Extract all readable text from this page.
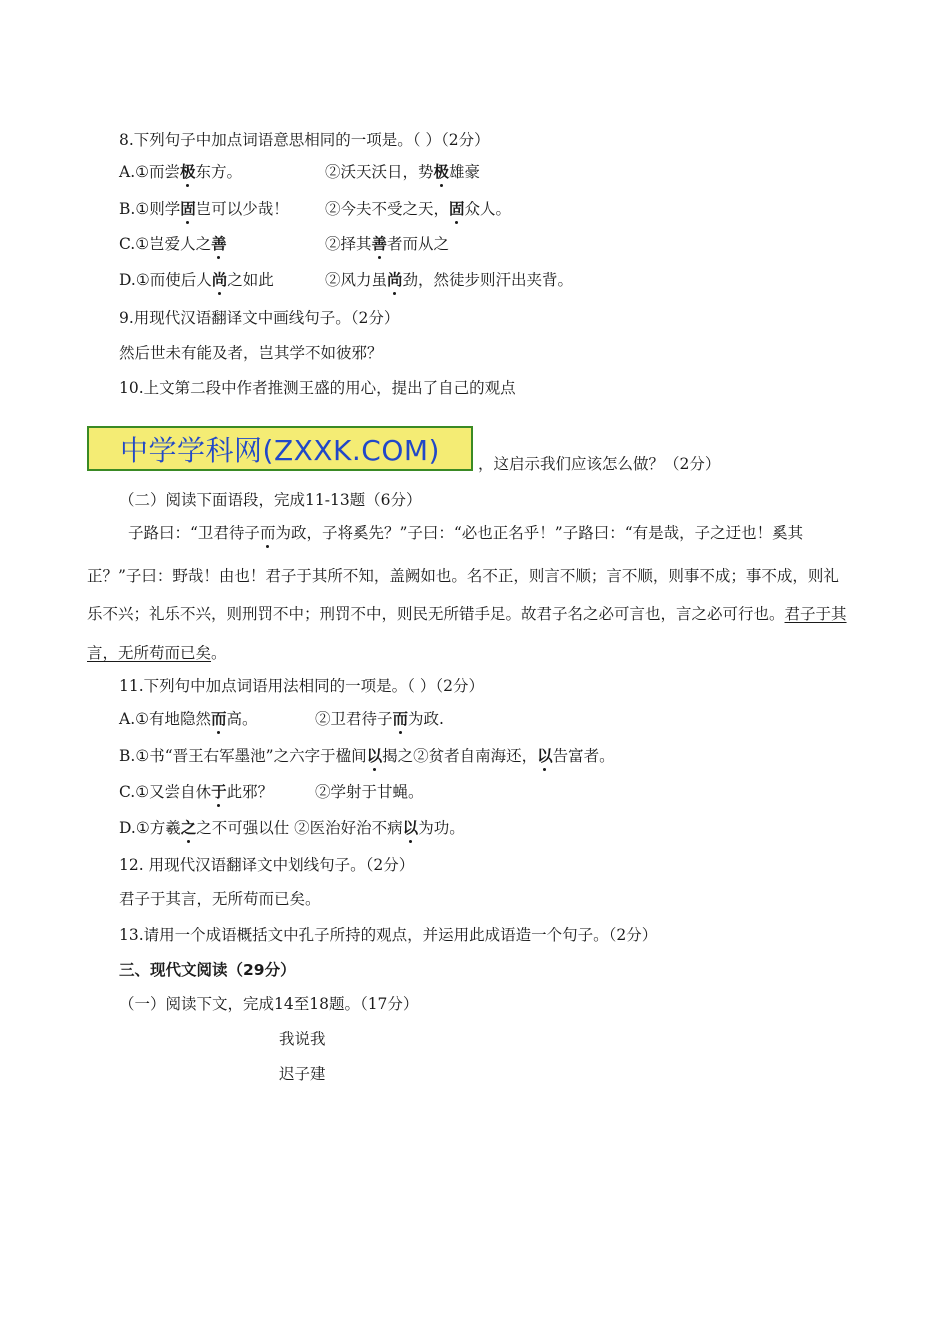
8.下列句子中加点词语意思相同的一项是。（ ）（2分）
A.①而尝极东方。	②沃天沃日，势极雄豪
B.①则学固岂可以少哉！ ②今夫不受之天，固众人。
C.①岂爱人之善	②择其善者而从之
D.①而使后人尚之如此	②风力虽尚劲，然徒步则汗出夹背。
9.用现代汉语翻译文中画线句子。（2分）
然后世未有能及者，岂其学不如彼邪？
10.上文第二段中作者推测王盛的用心，提出了自己的观点
中学学科网(ZXXK.COM) ，这启示我们应该怎么做？（2分）
（二）阅读下面语段，完成11-13题（6分）
子路曰：“卫君待子而为政，子将奚先？”子曰：“必也正名乎！”子路曰：“有是哉，子之迂也！奚其
正？”子曰：野哉！由也！君子于其所不知，盖阙如也。名不正，则言不顺；言不顺，则事不成；事不成，则礼
乐不兴；礼乐不兴，则刑罚不中；刑罚不中，则民无所错手足。故君子名之必可言也，言之必可行也。君子于其
言，无所苟而已矣。
11.下列句中加点词语用法相同的一项是。（ ）（2分）
A.①有地隐然而高。	②卫君待子而为政.
B.①书“晋王右军墨池”之六字于楹间以揭之②贫者自南海还，以告富者。
C.①又尝自休于此邪？	②学射于甘蝇。
D.①方羲之之不可强以仕 ②医治好治不病以为功。
12. 用现代汉语翻译文中划线句子。（2分）
君子于其言，无所苟而已矣。
13.请用一个成语概括文中孔子所持的观点，并运用此成语造一个句子。（2分）
三、现代文阅读（29分）
（一）阅读下文，完成14至18题。（17分）
我说我
迟子建
